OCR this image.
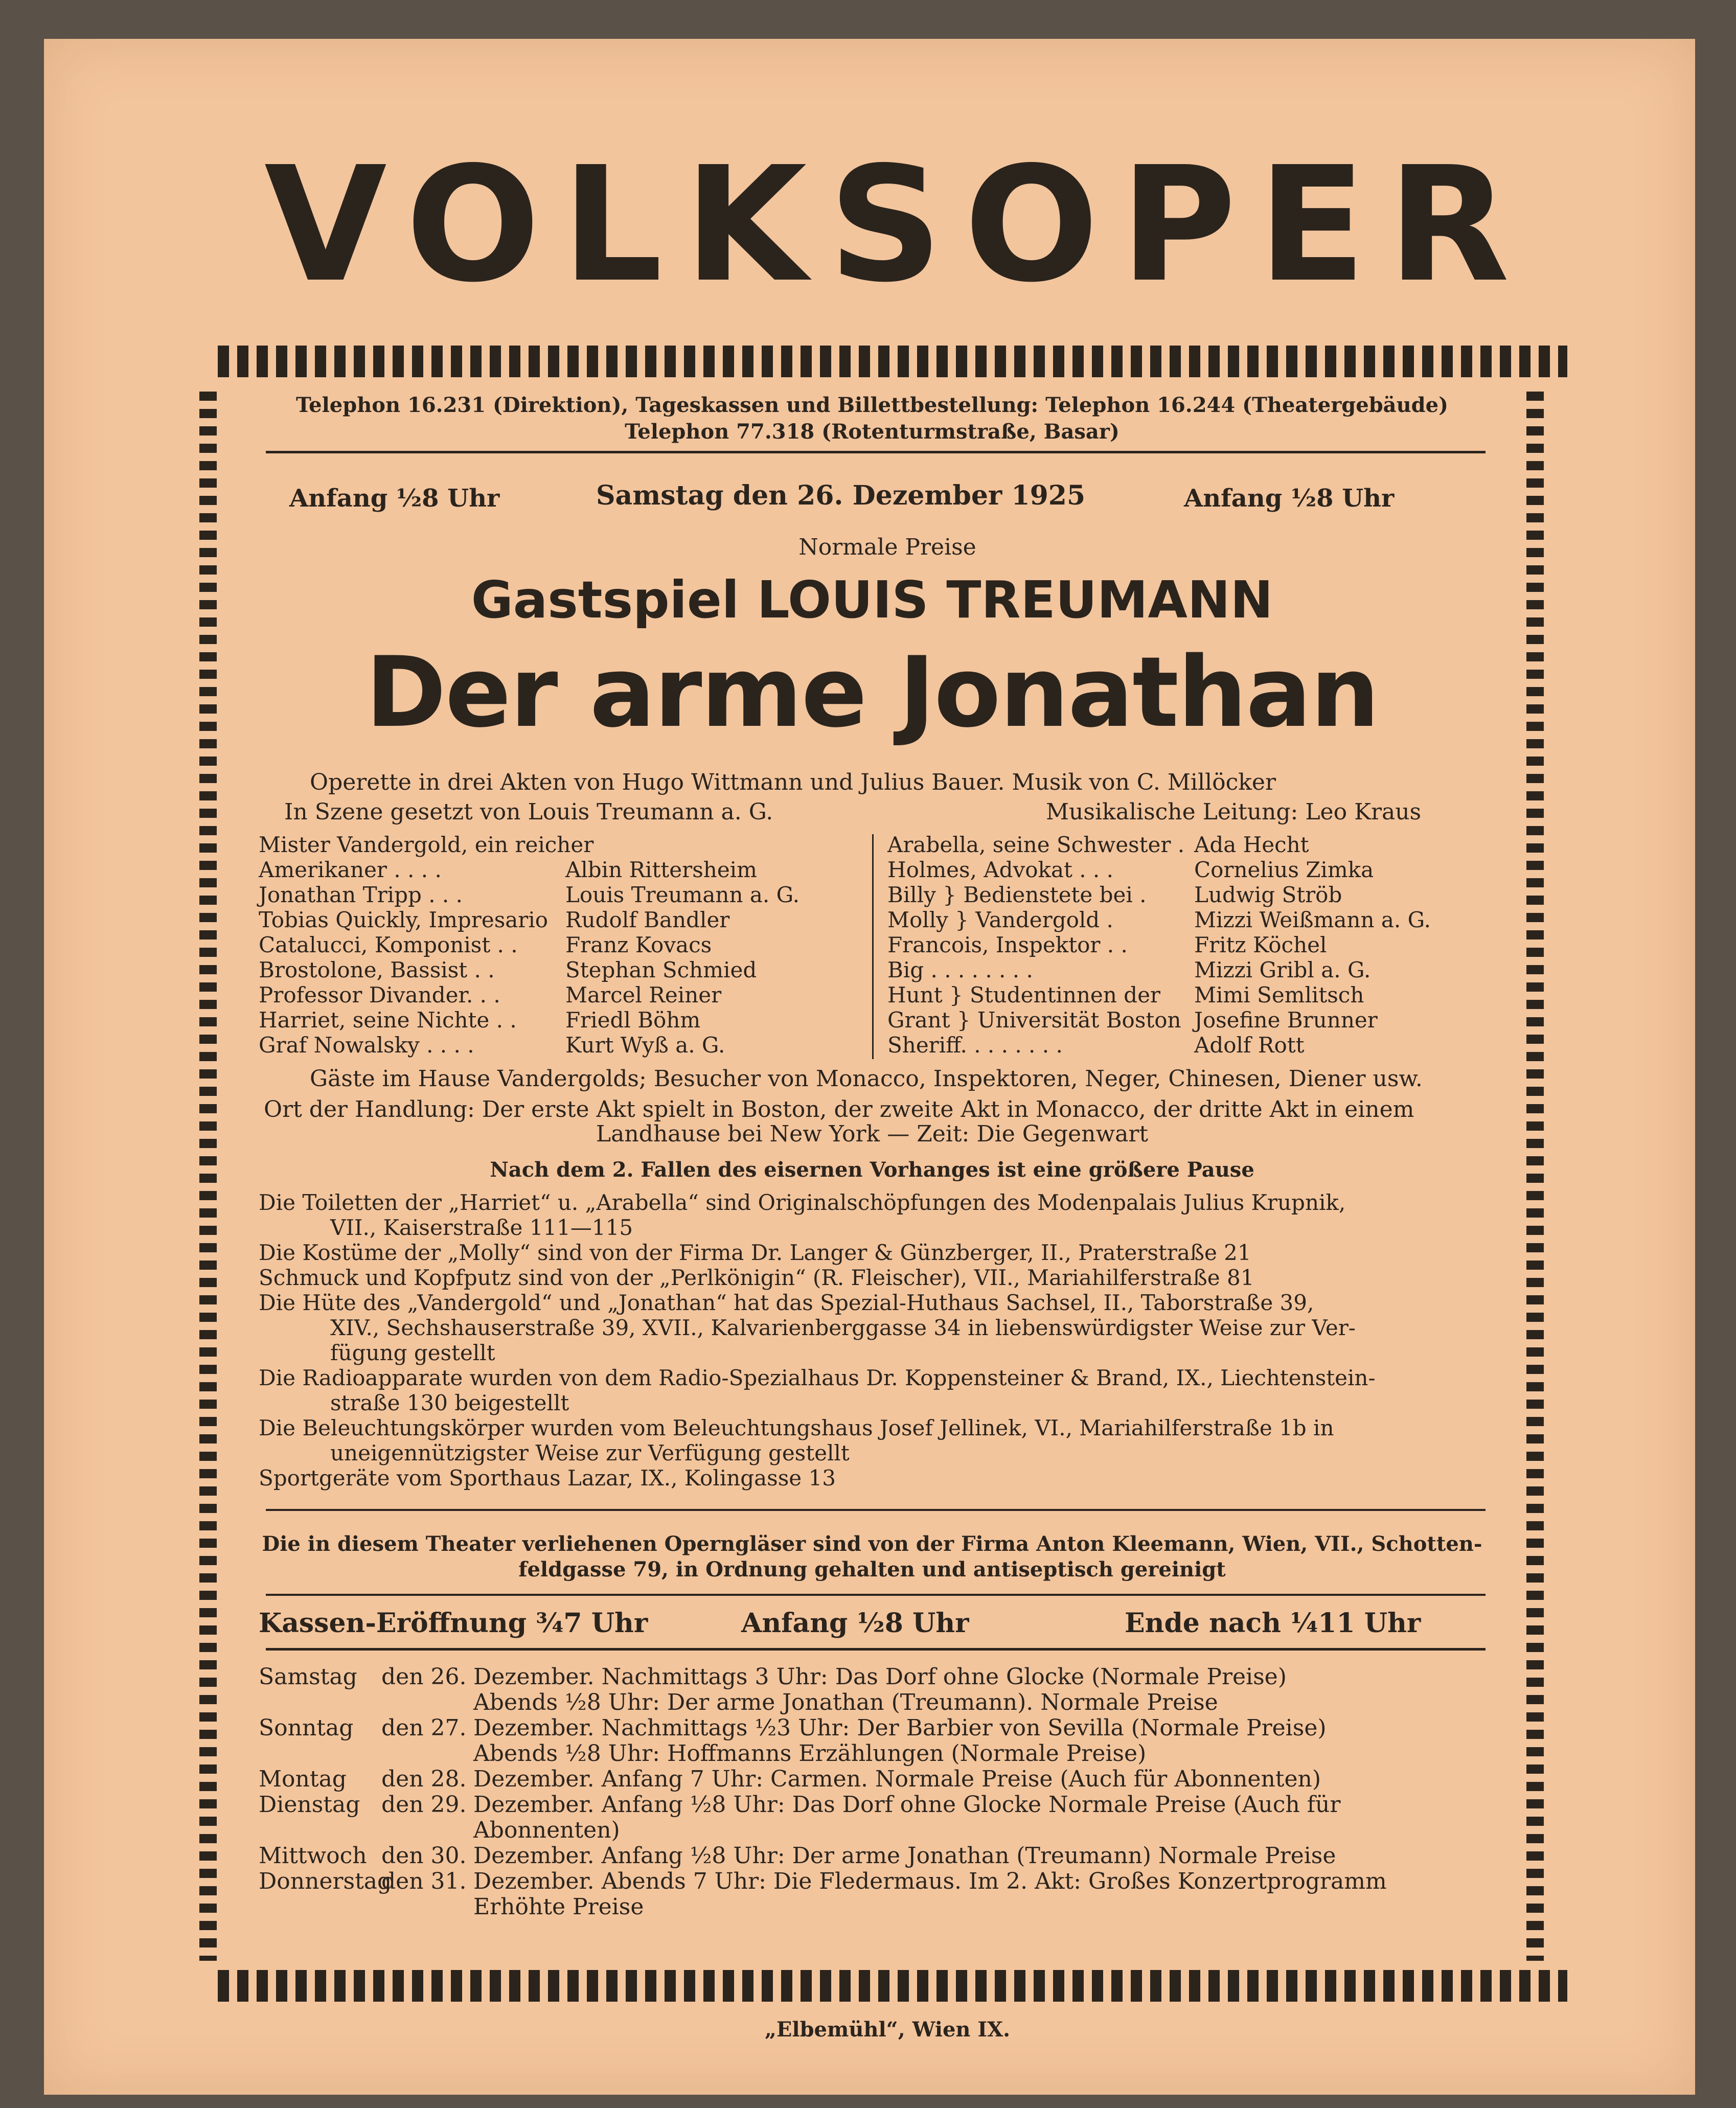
VOLKSOPER
Telephon 16.231 (Direktion), Tageskassen und Billettbestellung: Telephon 16.244 (Theatergebäude)
Telephon 77.318 (Rotenturmstraße, Basar)
Anfang ½8 Uhr	Samstag den 26. Dezember 1925	Anfang ½8 Uhr
Normale Preise
Gastspiel LOUIS TREUMANN
Der arme Jonathan
Operette in drei Akten von Hugo Wittmann und Julius Bauer. Musik von C. Millöcker
In Szene gesetzt von Louis Treumann a. G.	Musikalische Leitung: Leo Kraus
Mister Vandergold, ein reicher
Amerikaner . . . .	Albin Rittersheim
Jonathan Tripp . . .	Louis Treumann a. G.
Tobias Quickly, Impresario Rudolf Bandler
Catalucci, Komponist . . Franz Kovacs
Brostolone, Bassist . .	Stephan Schmied
Professor Divander. . .	Marcel Reiner
Harriet, seine Nichte . . Friedl Böhm
Graf Nowalsky . . . .	Kurt Wyß a. G.
Arabella, seine Schwester . Ada Hecht
Holmes, Advokat . . .	Cornelius Zimka
Billy } Bedienstete bei . Ludwig Ströb
Molly } Vandergold .	Mizzi Weißmann a. G.
Francois, Inspektor . .	Fritz Köchel
Big . . . . . . . .	Mizzi Gribl a. G.
Hunt } Studentinnen der Mimi Semlitsch
Grant } Universität Boston Josefine Brunner
Sheriff. . . . . . . .	Adolf Rott
Gäste im Hause Vandergolds; Besucher von Monacco, Inspektoren, Neger, Chinesen, Diener usw.
Ort der Handlung: Der erste Akt spielt in Boston, der zweite Akt in Monacco, der dritte Akt in einem
Landhause bei New York — Zeit: Die Gegenwart
Nach dem 2. Fallen des eisernen Vorhanges ist eine größere Pause
Die Toiletten der „Harriet“ u. „Arabella“ sind Originalschöpfungen des Modenpalais Julius Krupnik,
VII., Kaiserstraße 111—115
Die Kostüme der „Molly“ sind von der Firma Dr. Langer & Günzberger, II., Praterstraße 21
Schmuck und Kopfputz sind von der „Perlkönigin“ (R. Fleischer), VII., Mariahilferstraße 81
Die Hüte des „Vandergold“ und „Jonathan“ hat das Spezial-Huthaus Sachsel, II., Taborstraße 39,
XIV., Sechshauserstraße 39, XVII., Kalvarienberggasse 34 in liebenswürdigster Weise zur Ver-
fügung gestellt
Die Radioapparate wurden von dem Radio-Spezialhaus Dr. Koppensteiner & Brand, IX., Liechtenstein-
straße 130 beigestellt
Die Beleuchtungskörper wurden vom Beleuchtungshaus Josef Jellinek, VI., Mariahilferstraße 1b in
uneigennützigster Weise zur Verfügung gestellt
Sportgeräte vom Sporthaus Lazar, IX., Kolingasse 13
Die in diesem Theater verliehenen Operngläser sind von der Firma Anton Kleemann, Wien, VII., Schotten-
feldgasse 79, in Ordnung gehalten und antiseptisch gereinigt
Kassen-Eröffnung ¾7 Uhr	Anfang ½8 Uhr	Ende nach ¼11 Uhr
Samstag den 26. Dezember. Nachmittags 3 Uhr: Das Dorf ohne Glocke (Normale Preise)
Abends ½8 Uhr: Der arme Jonathan (Treumann). Normale Preise
Sonntag den 27. Dezember. Nachmittags ½3 Uhr: Der Barbier von Sevilla (Normale Preise)
Abends ½8 Uhr: Hoffmanns Erzählungen (Normale Preise)
Montag den 28. Dezember. Anfang 7 Uhr: Carmen. Normale Preise (Auch für Abonnenten)
Dienstag den 29. Dezember. Anfang ½8 Uhr: Das Dorf ohne Glocke Normale Preise (Auch für
Abonnenten)
Mittwoch den 30. Dezember. Anfang ½8 Uhr: Der arme Jonathan (Treumann) Normale Preise
Donnerstagden 31. Dezember. Abends 7 Uhr: Die Fledermaus. Im 2. Akt: Großes Konzertprogramm
Erhöhte Preise
„Elbemühl“, Wien IX.
